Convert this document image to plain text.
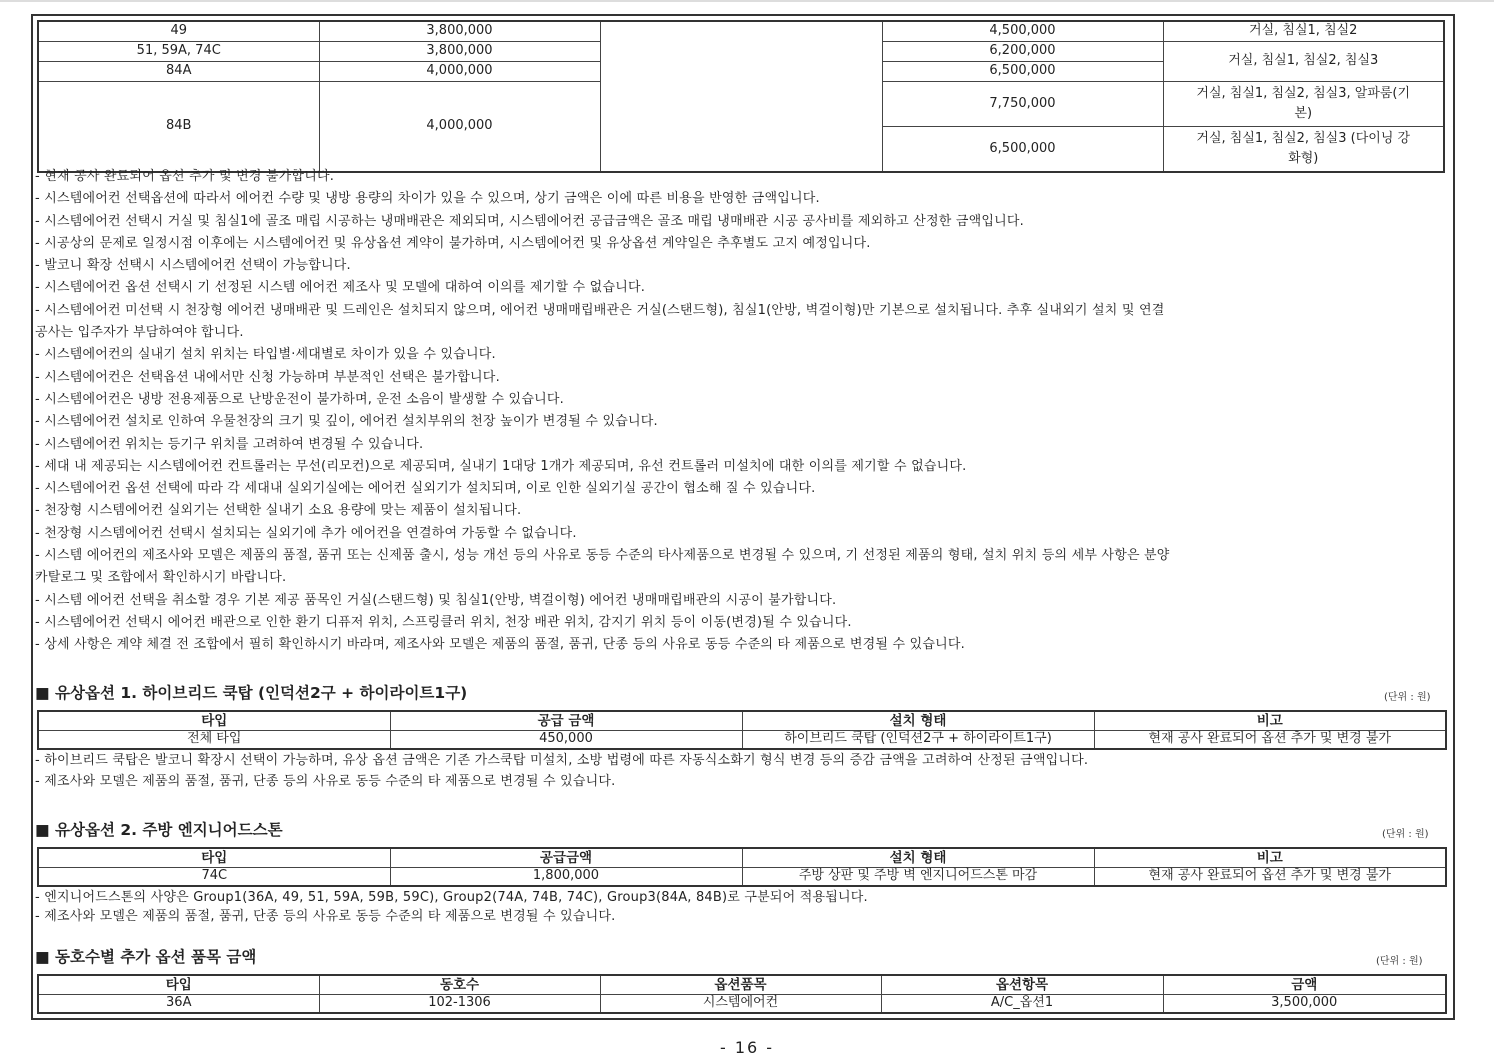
49	3,800,000		4,500,000	거실, 침실1, 침실2
51, 59A, 74C	3,800,000		6,200,000	거실, 침실1, 침실2, 침실3
84A	4,000,000		6,500,000	
84B	4,000,000		7,750,000	거실, 침실1, 침실2, 침실3, 알파룸(기본)
			6,500,000	거실, 침실1, 침실2, 침실3 (다이닝 강화형)
- 현재 공사 완료되어 옵션 추가 및 변경 불가합니다.
- 시스템에어컨 선택옵션에 따라서 에어컨 수량 및 냉방 용량의 차이가 있을 수 있으며, 상기 금액은 이에 따른 비용을 반영한 금액입니다.
- 시스템에어컨 선택시 거실 및 침실1에 골조 매립 시공하는 냉매배관은 제외되며, 시스템에어컨 공급금액은 골조 매립 냉매배관 시공 공사비를 제외하고 산정한 금액입니다.
- 시공상의 문제로 일정시점 이후에는 시스템에어컨 및 유상옵션 계약이 불가하며, 시스템에어컨 및 유상옵션 계약일은 추후별도 고지 예정입니다.
- 발코니 확장 선택시 시스템에어컨 선택이 가능합니다.
- 시스템에어컨 옵션 선택시 기 선정된 시스템 에어컨 제조사 및 모델에 대하여 이의를 제기할 수 없습니다.
- 시스템에어컨 미선택 시 천장형 에어컨 냉매배관 및 드레인은 설치되지 않으며, 에어컨 냉매매립배관은 거실(스탠드형), 침실1(안방, 벽걸이형)만 기본으로 설치됩니다. 추후 실내외기 설치 및 연결
공사는 입주자가 부담하여야 합니다.
- 시스템에어컨의 실내기 설치 위치는 타입별·세대별로 차이가 있을 수 있습니다.
- 시스템에어컨은 선택옵션 내에서만 신청 가능하며 부분적인 선택은 불가합니다.
- 시스템에어컨은 냉방 전용제품으로 난방운전이 불가하며, 운전 소음이 발생할 수 있습니다.
- 시스템에어컨 설치로 인하여 우물천장의 크기 및 깊이, 에어컨 설치부위의 천장 높이가 변경될 수 있습니다.
- 시스템에어컨 위치는 등기구 위치를 고려하여 변경될 수 있습니다.
- 세대 내 제공되는 시스템에어컨 컨트롤러는 무선(리모컨)으로 제공되며, 실내기 1대당 1개가 제공되며, 유선 컨트롤러 미설치에 대한 이의를 제기할 수 없습니다.
- 시스템에어컨 옵션 선택에 따라 각 세대내 실외기실에는 에어컨 실외기가 설치되며, 이로 인한 실외기실 공간이 협소해 질 수 있습니다.
- 천장형 시스템에어컨 실외기는 선택한 실내기 소요 용량에 맞는 제품이 설치됩니다.
- 천장형 시스템에어컨 선택시 설치되는 실외기에 추가 에어컨을 연결하여 가동할 수 없습니다.
- 시스템 에어컨의 제조사와 모델은 제품의 품절, 품귀 또는 신제품 출시, 성능 개선 등의 사유로 동등 수준의 타사제품으로 변경될 수 있으며, 기 선정된 제품의 형태, 설치 위치 등의 세부 사항은 분양
카탈로그 및 조합에서 확인하시기 바랍니다.
- 시스템 에어컨 선택을 취소할 경우 기본 제공 품목인 거실(스탠드형) 및 침실1(안방, 벽걸이형) 에어컨 냉매매립배관의 시공이 불가합니다.
- 시스템에어컨 선택시 에어컨 배관으로 인한 환기 디퓨저 위치, 스프링클러 위치, 천장 배관 위치, 감지기 위치 등이 이동(변경)될 수 있습니다.
- 상세 사항은 계약 체결 전 조합에서 필히 확인하시기 바라며, 제조사와 모델은 제품의 품절, 품귀, 단종 등의 사유로 동등 수준의 타 제품으로 변경될 수 있습니다.
■ 유상옵션 1. 하이브리드 쿡탑 (인덕션2구 + 하이라이트1구)	(단위 : 원)
타입	공급 금액	설치 형태	비고
전체 타입	450,000	하이브리드 쿡탑 (인덕션2구 + 하이라이트1구)	현재 공사 완료되어 옵션 추가 및 변경 불가
- 하이브리드 쿡탑은 발코니 확장시 선택이 가능하며, 유상 옵션 금액은 기존 가스쿡탑 미설치, 소방 법령에 따른 자동식소화기 형식 변경 등의 증감 금액을 고려하여 산정된 금액입니다.
- 제조사와 모델은 제품의 품절, 품귀, 단종 등의 사유로 동등 수준의 타 제품으로 변경될 수 있습니다.
■ 유상옵션 2. 주방 엔지니어드스톤	(단위 : 원)
타입	공급금액	설치 형태	비고
74C	1,800,000	주방 상판 및 주방 벽 엔지니어드스톤 마감	현재 공사 완료되어 옵션 추가 및 변경 불가
- 엔지니어드스톤의 사양은 Group1(36A, 49, 51, 59A, 59B, 59C), Group2(74A, 74B, 74C), Group3(84A, 84B)로 구분되어 적용됩니다.
- 제조사와 모델은 제품의 품절, 품귀, 단종 등의 사유로 동등 수준의 타 제품으로 변경될 수 있습니다.
■ 동호수별 추가 옵션 품목 금액	(단위 : 원)
타입	동호수	옵션품목	옵션항목	금액
36A	102-1306	시스템에어컨	A/C_옵션1	3,500,000
- 16 -
